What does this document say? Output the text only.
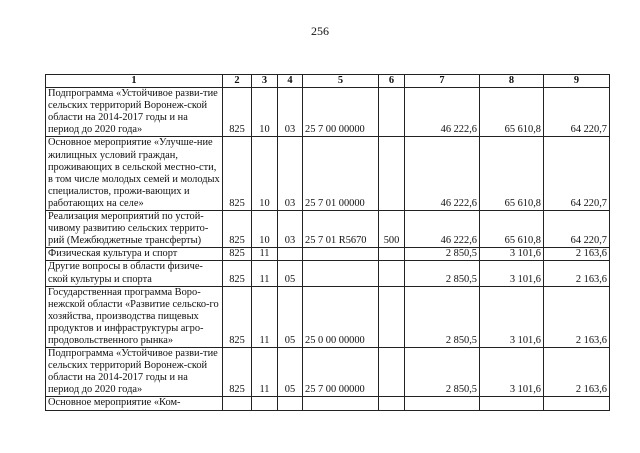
256
1	2	3	4	5	6	7	8	9
Подпрограмма «Устойчивое разви-тие сельских территорий Воронеж-ской области на 2014-2017 годы и на период до 2020 года»	825	10	03	25 7 00 00000		46 222,6	65 610,8	64 220,7
Основное мероприятие «Улучше-ние жилищных условий граждан, проживающих в сельской местно-сти, в том числе молодых семей и молодых специалистов, прожи-вающих и работающих на селе»	825	10	03	25 7 01 00000		46 222,6	65 610,8	64 220,7
Реализация мероприятий по устой-чивому развитию сельских террито-рий (Межбюджетные трансферты)	825	10	03	25 7 01 R5670	500	46 222,6	65 610,8	64 220,7
Физическая культура и спорт	825	11				2 850,5	3 101,6	2 163,6
Другие вопросы в области физиче-ской культуры и спорта	825	11	05			2 850,5	3 101,6	2 163,6
Государственная программа Воро-нежской области «Развитие сельско-го хозяйства, производства пищевых продуктов и инфраструктуры агро-продовольственного рынка»	825	11	05	25 0 00 00000		2 850,5	3 101,6	2 163,6
Подпрограмма «Устойчивое разви-тие сельских территорий Воронеж-ской области на 2014-2017 годы и на период до 2020 года»	825	11	05	25 7 00 00000		2 850,5	3 101,6	2 163,6
Основное мероприятие «Ком-								
